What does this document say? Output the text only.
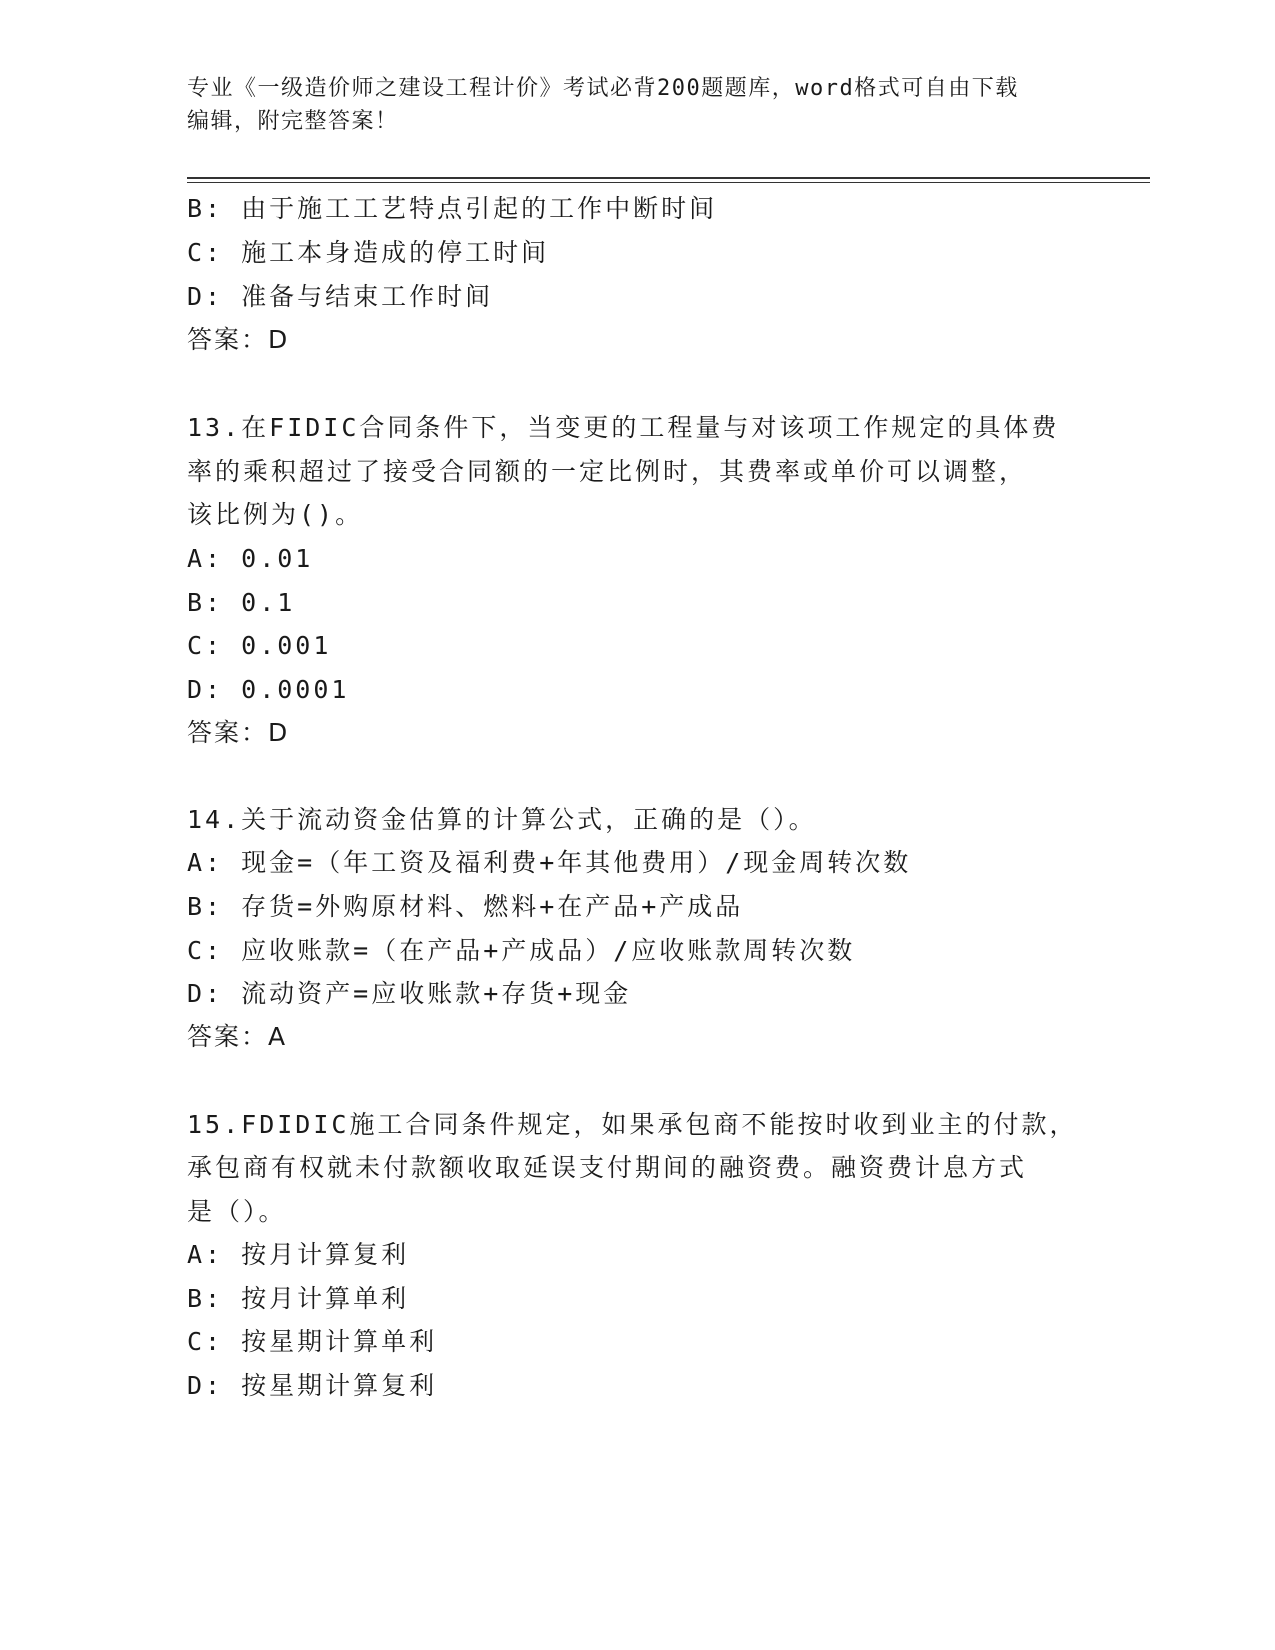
专业《一级造价师之建设工程计价》考试必背200题题库，word格式可自由下载
编辑，附完整答案！
B: 由于施工工艺特点引起的工作中断时间
C: 施工本身造成的停工时间
D: 准备与结束工作时间
答案：D
13.在FIDIC合同条件下，当变更的工程量与对该项工作规定的具体费
率的乘积超过了接受合同额的一定比例时，其费率或单价可以调整，
该比例为()。
A: 0.01
B: 0.1
C: 0.001
D: 0.0001
答案：D
14.关于流动资金估算的计算公式，正确的是（）。
A: 现金=（年工资及福利费+年其他费用）/现金周转次数
B: 存货=外购原材料、燃料+在产品+产成品
C: 应收账款=（在产品+产成品）/应收账款周转次数
D: 流动资产=应收账款+存货+现金
答案：A
15.FDIDIC施工合同条件规定，如果承包商不能按时收到业主的付款，
承包商有权就未付款额收取延误支付期间的融资费。融资费计息方式
是（）。
A: 按月计算复利
B: 按月计算单利
C: 按星期计算单利
D: 按星期计算复利
